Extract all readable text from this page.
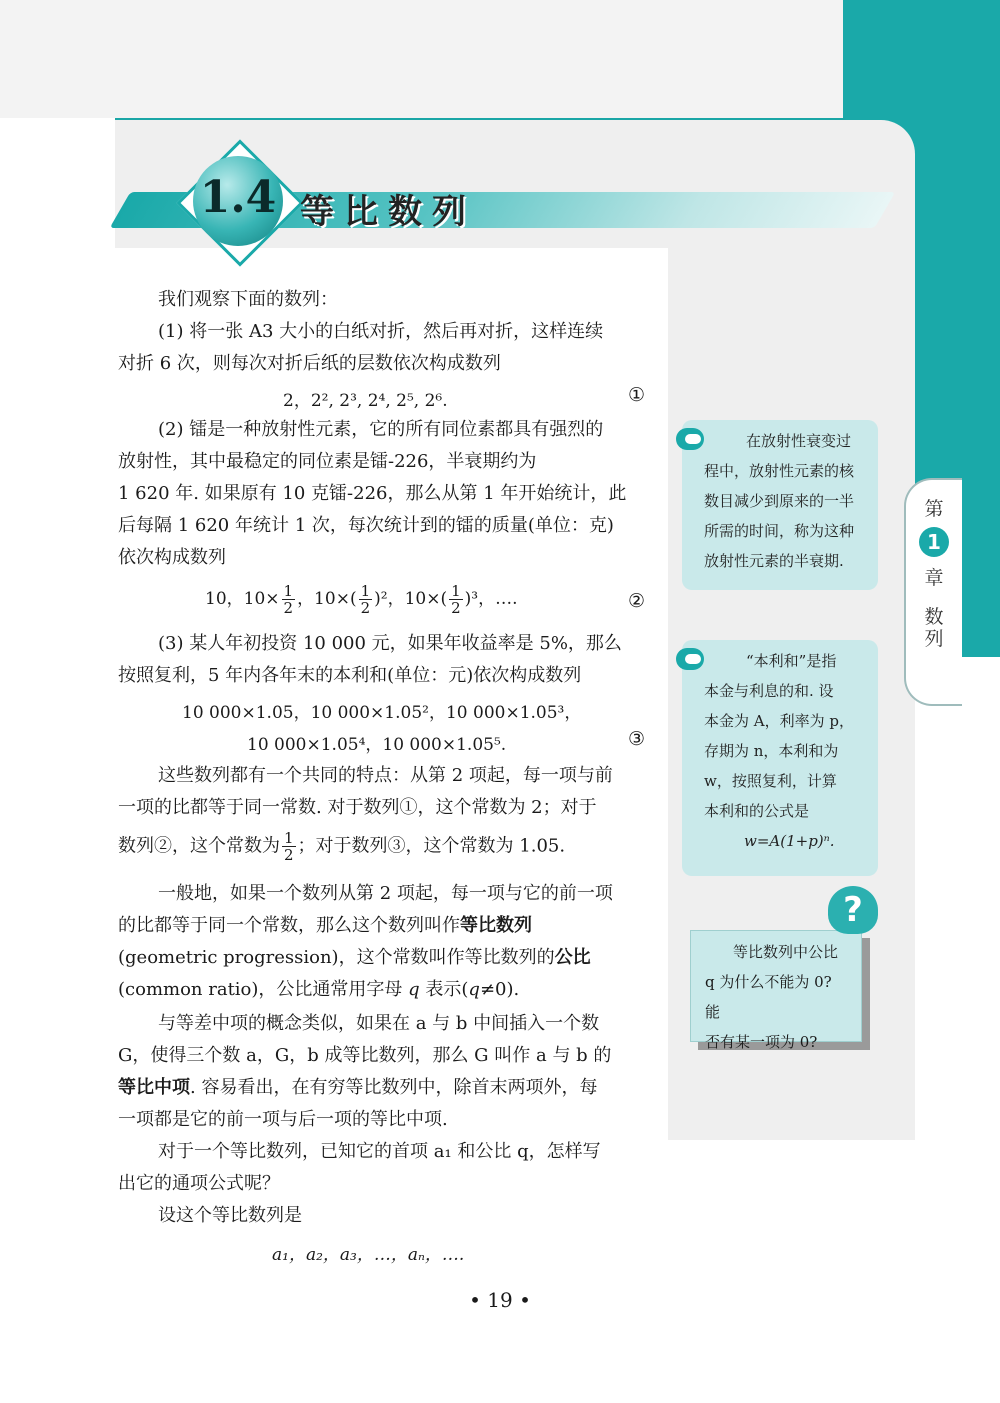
第
1
章
数
列
1.4 等比数列
我们观察下面的数列：
(1) 将一张 A3 大小的白纸对折，然后再对折，这样连续
对折 6 次，则每次对折后纸的层数依次构成数列
2，2², 2³, 2⁴, 2⁵, 2⁶.	①
(2) 镭是一种放射性元素，它的所有同位素都具有强烈的
放射性，其中最稳定的同位素是镭-226，半衰期约为
1 620 年. 如果原有 10 克镭-226，那么从第 1 年开始统计，此
后每隔 1 620 年统计 1 次，每次统计到的镭的质量(单位：克)
依次构成数列
10，$10\times \frac{1}{2}$ ，$10\times( \frac{1}{2} )^2$，$10\times( \frac{1}{2} )^3$，….	②
(3) 某人年初投资 10 000 元，如果年收益率是 5%，那么
按照复利，5 年内各年末的本利和(单位：元)依次构成数列
10 000×1.05，10 000×1.05²，10 000×1.05³，
10 000×1.05⁴，10 000×1.05⁵.	③
这些数列都有一个共同的特点：从第 2 项起，每一项与前
一项的比都等于同一常数. 对于数列①，这个常数为 2；对于
数列②，这个常数为 $\frac{1}{2}$ ；对于数列③，这个常数为 1.05.
一般地，如果一个数列从第 2 项起，每一项与它的前一项
的比都等于同一个常数，那么这个数列叫作等比数列
(geometric progression)，这个常数叫作等比数列的公比
(common ratio)，公比通常用字母 q 表示(q≠0).
与等差中项的概念类似，如果在 a 与 b 中间插入一个数
G，使得三个数 a，G，b 成等比数列，那么 G 叫作 a 与 b 的
等比中项. 容易看出，在有穷等比数列中，除首末两项外，每
一项都是它的前一项与后一项的等比中项.
对于一个等比数列，已知它的首项 a₁ 和公比 q，怎样写
出它的通项公式呢？
设这个等比数列是
a₁，a₂，a₃，…，aₙ，….
在放射性衰变过
程中，放射性元素的核
数目减少到原来的一半
所需的时间，称为这种
放射性元素的半衰期.
“本利和”是指
本金与利息的和. 设
本金为 A，利率为 p，
存期为 n，本利和为
w，按照复利，计算
本利和的公式是
w=A(1+p)ⁿ.
等比数列中公比
q 为什么不能为 0? 能
否有某一项为 0?
?
• 19 •
